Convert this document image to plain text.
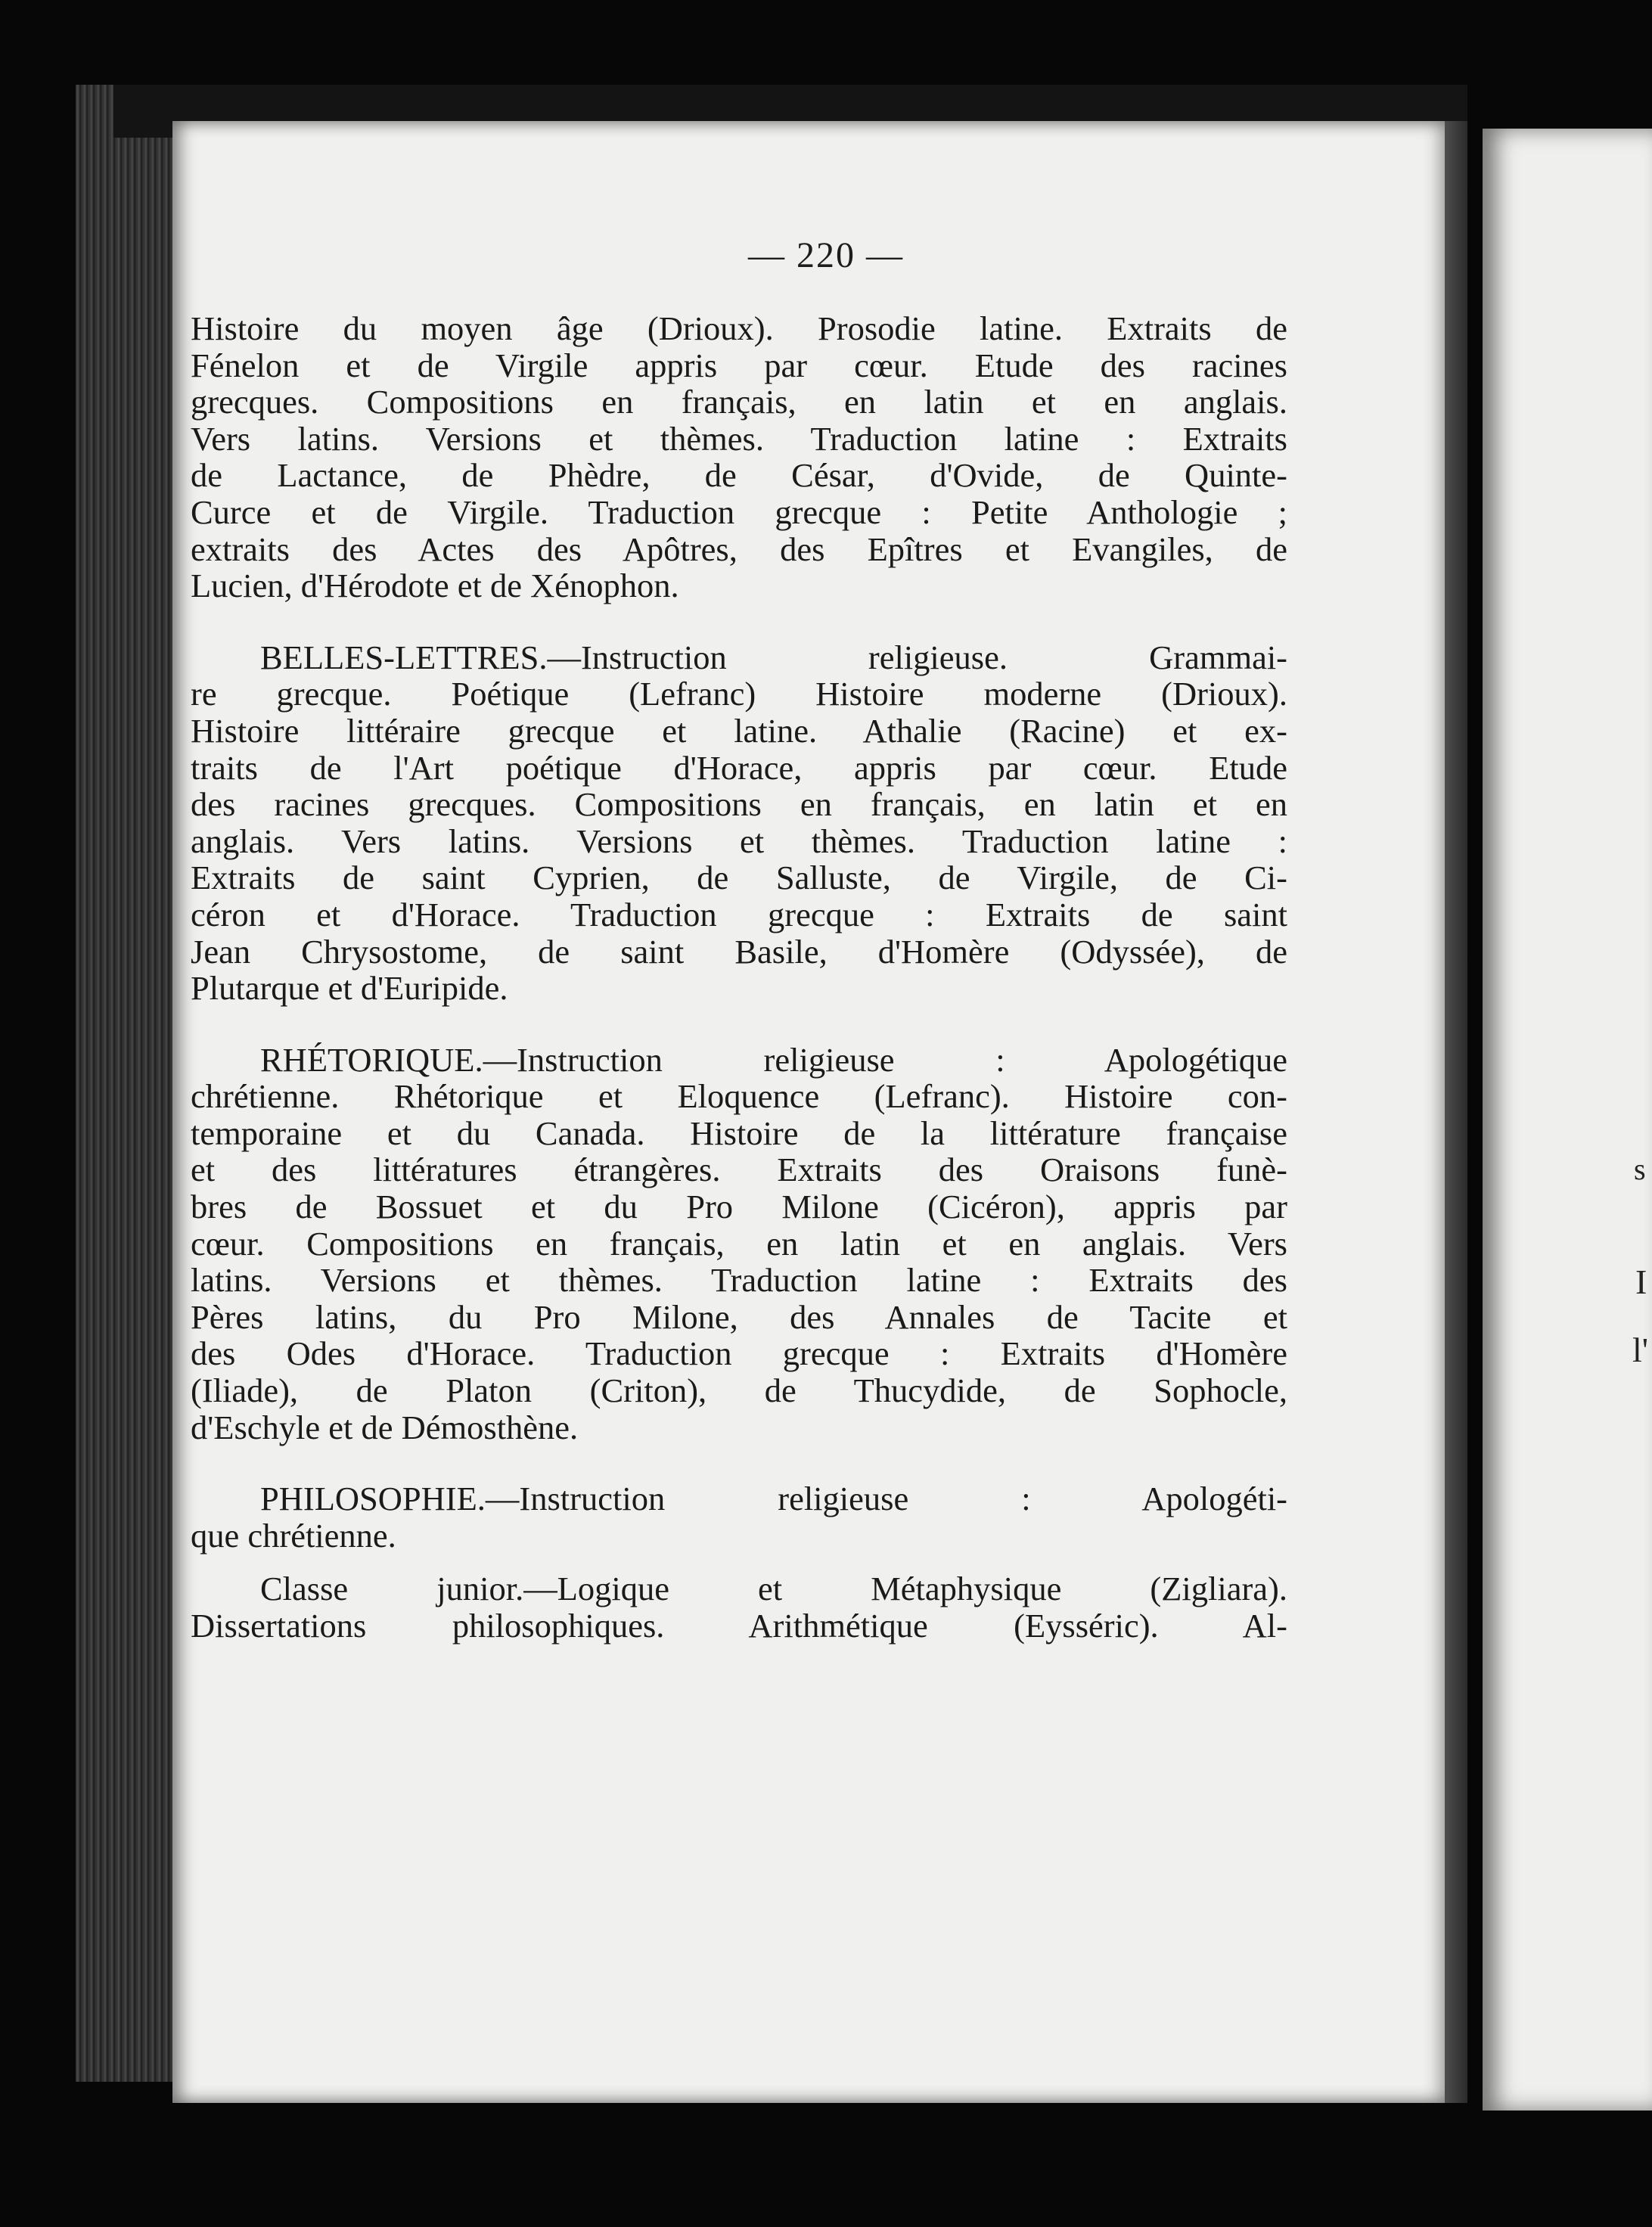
s
I
l'
— 220 —
Histoire du moyen âge (Drioux). Prosodie latine. Extraits de
Fénelon et de Virgile appris par cœur. Etude des racines
grecques. Compositions en français, en latin et en anglais.
Vers latins. Versions et thèmes. Traduction latine : Extraits
de Lactance, de Phèdre, de César, d'Ovide, de Quinte-
Curce et de Virgile. Traduction grecque : Petite Anthologie ;
extraits des Actes des Apôtres, des Epîtres et Evangiles, de
Lucien, d'Hérodote et de Xénophon.
BELLES-LETTRES.—Instruction religieuse. Grammai-
re grecque. Poétique (Lefranc) Histoire moderne (Drioux).
Histoire littéraire grecque et latine. Athalie (Racine) et ex-
traits de l'Art poétique d'Horace, appris par cœur. Etude
des racines grecques. Compositions en français, en latin et en
anglais. Vers latins. Versions et thèmes. Traduction latine :
Extraits de saint Cyprien, de Salluste, de Virgile, de Ci-
céron et d'Horace. Traduction grecque : Extraits de saint
Jean Chrysostome, de saint Basile, d'Homère (Odyssée), de
Plutarque et d'Euripide.
RHÉTORIQUE.—Instruction religieuse : Apologétique
chrétienne. Rhétorique et Eloquence (Lefranc). Histoire con-
temporaine et du Canada. Histoire de la littérature française
et des littératures étrangères. Extraits des Oraisons funè-
bres de Bossuet et du Pro Milone (Cicéron), appris par
cœur. Compositions en français, en latin et en anglais. Vers
latins. Versions et thèmes. Traduction latine : Extraits des
Pères latins, du Pro Milone, des Annales de Tacite et
des Odes d'Horace. Traduction grecque : Extraits d'Homère
(Iliade), de Platon (Criton), de Thucydide, de Sophocle,
d'Eschyle et de Démosthène.
PHILOSOPHIE.—Instruction religieuse : Apologéti-
que chrétienne.
Classe junior.—Logique et Métaphysique (Zigliara).
Dissertations philosophiques. Arithmétique (Eysséric). Al-
